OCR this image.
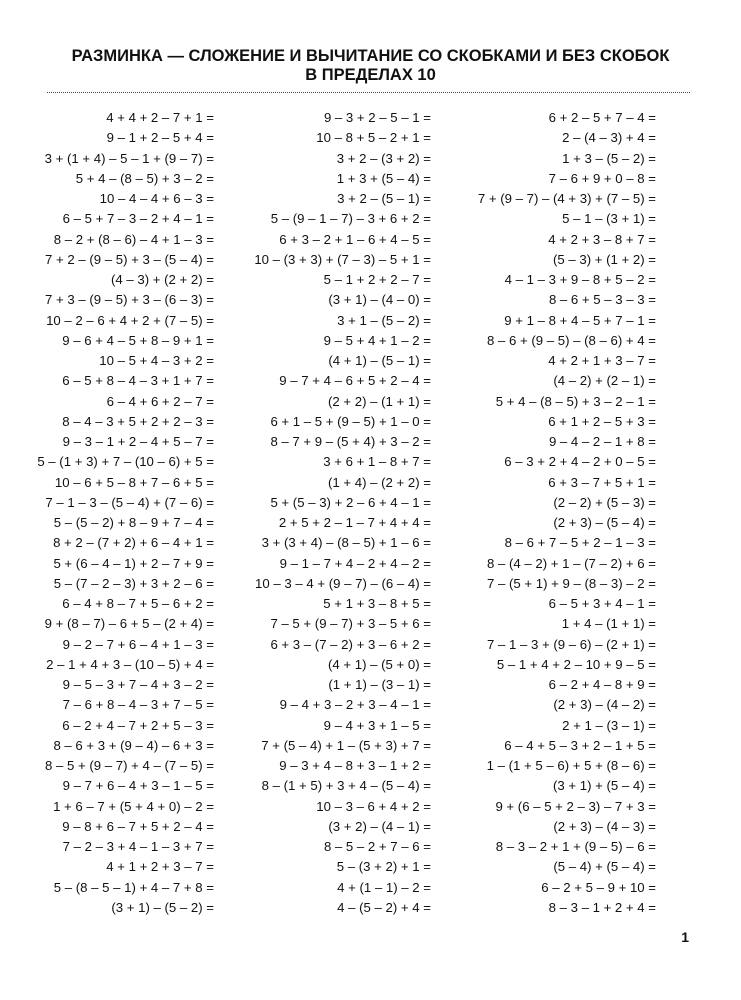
РАЗМИНКА — СЛОЖЕНИЕ И ВЫЧИТАНИЕ СО СКОБКАМИ И БЕЗ СКОБОК
В ПРЕДЕЛАХ 10
4 + 4 + 2 – 7 + 1 =
9 – 1 + 2 – 5 + 4 =
3 + (1 + 4) – 5 – 1 + (9 – 7) =
5 + 4 – (8 – 5) + 3 – 2 =
10 – 4 – 4 + 6 – 3 =
6 – 5 + 7 – 3 – 2 + 4 – 1 =
8 – 2 + (8 – 6) – 4 + 1 – 3 =
7 + 2 – (9 – 5) + 3 – (5 – 4) =
(4 – 3) + (2 + 2) =
7 + 3 – (9 – 5) + 3 – (6 – 3) =
10 – 2 – 6 + 4 + 2 + (7 – 5) =
9 – 6 + 4 – 5 + 8 – 9 + 1 =
10 – 5 + 4 – 3 + 2 =
6 – 5 + 8 – 4 – 3 + 1 + 7 =
6 – 4 + 6 + 2 – 7 =
8 – 4 – 3 + 5 + 2 + 2 – 3 =
9 – 3 – 1 + 2 – 4 + 5 – 7 =
5 – (1 + 3) + 7 – (10 – 6) + 5 =
10 – 6 + 5 – 8 + 7 – 6 + 5 =
7 – 1 – 3 – (5 – 4) + (7 – 6) =
5 – (5 – 2) + 8 – 9 + 7 – 4 =
8 + 2 – (7 + 2) + 6 – 4 + 1 =
5 + (6 – 4 – 1) + 2 – 7 + 9 =
5 – (7 – 2 – 3) + 3 + 2 – 6 =
6 – 4 + 8 – 7 + 5 – 6 + 2 =
9 + (8 – 7) – 6 + 5 – (2 + 4) =
9 – 2 – 7 + 6 – 4 + 1 – 3 =
2 – 1 + 4 + 3 – (10 – 5) + 4 =
9 – 5 – 3 + 7 – 4 + 3 – 2 =
7 – 6 + 8 – 4 – 3 + 7 – 5 =
6 – 2 + 4 – 7 + 2 + 5 – 3 =
8 – 6 + 3 + (9 – 4) – 6 + 3 =
8 – 5 + (9 – 7) + 4 – (7 – 5) =
9 – 7 + 6 – 4 + 3 – 1 – 5 =
1 + 6 – 7 + (5 + 4 + 0) – 2 =
9 – 8 + 6 – 7 + 5 + 2 – 4 =
7 – 2 – 3 + 4 – 1 – 3 + 7 =
4 + 1 + 2 + 3 – 7 =
5 – (8 – 5 – 1) + 4 – 7 + 8 =
(3 + 1) – (5 – 2) =
9 – 3 + 2 – 5 – 1 =
10 – 8 + 5 – 2 + 1 =
3 + 2 – (3 + 2) =
1 + 3 + (5 – 4) =
3 + 2 – (5 – 1) =
5 – (9 – 1 – 7) – 3 + 6 + 2 =
6 + 3 – 2 + 1 – 6 + 4 – 5 =
10 – (3 + 3) + (7 – 3) – 5 + 1 =
5 – 1 + 2 + 2 – 7 =
(3 + 1) – (4 – 0) =
3 + 1 – (5 – 2) =
9 – 5 + 4 + 1 – 2 =
(4 + 1) – (5 – 1) =
9 – 7 + 4 – 6 + 5 + 2 – 4 =
(2 + 2) – (1 + 1) =
6 + 1 – 5 + (9 – 5) + 1 – 0 =
8 – 7 + 9 – (5 + 4) + 3 – 2 =
3 + 6 + 1 – 8 + 7 =
(1 + 4) – (2 + 2) =
5 + (5 – 3) + 2 – 6 + 4 – 1 =
2 + 5 + 2 – 1 – 7 + 4 + 4 =
3 + (3 + 4) – (8 – 5) + 1 – 6 =
9 – 1 – 7 + 4 – 2 + 4 – 2 =
10 – 3 – 4 + (9 – 7) – (6 – 4) =
5 + 1 + 3 – 8 + 5 =
7 – 5 + (9 – 7) + 3 – 5 + 6 =
6 + 3 – (7 – 2) + 3 – 6 + 2 =
(4 + 1) – (5 + 0) =
(1 + 1) – (3 – 1) =
9 – 4 + 3 – 2 + 3 – 4 – 1 =
9 – 4 + 3 + 1 – 5 =
7 + (5 – 4) + 1 – (5 + 3) + 7 =
9 – 3 + 4 – 8 + 3 – 1 + 2 =
8 – (1 + 5) + 3 + 4 – (5 – 4) =
10 – 3 – 6 + 4 + 2 =
(3 + 2) – (4 – 1) =
8 – 5 – 2 + 7 – 6 =
5 – (3 + 2) + 1 =
4 + (1 – 1) – 2 =
4 – (5 – 2) + 4 =
6 + 2 – 5 + 7 – 4 =
2 – (4 – 3) + 4 =
1 + 3 – (5 – 2) =
7 – 6 + 9 + 0 – 8 =
7 + (9 – 7) – (4 + 3) + (7 – 5) =
5 – 1 – (3 + 1) =
4 + 2 + 3 – 8 + 7 =
(5 – 3) + (1 + 2) =
4 – 1 – 3 + 9 – 8 + 5 – 2 =
8 – 6 + 5 – 3 – 3 =
9 + 1 – 8 + 4 – 5 + 7 – 1 =
8 – 6 + (9 – 5) – (8 – 6) + 4 =
4 + 2 + 1 + 3 – 7 =
(4 – 2) + (2 – 1) =
5 + 4 – (8 – 5) + 3 – 2 – 1 =
6 + 1 + 2 – 5 + 3 =
9 – 4 – 2 – 1 + 8 =
6 – 3 + 2 + 4 – 2 + 0 – 5 =
6 + 3 – 7 + 5 + 1 =
(2 – 2) + (5 – 3) =
(2 + 3) – (5 – 4) =
8 – 6 + 7 – 5 + 2 – 1 – 3 =
8 – (4 – 2) + 1 – (7 – 2) + 6 =
7 – (5 + 1) + 9 – (8 – 3) – 2 =
6 – 5 + 3 + 4 – 1 =
1 + 4 – (1 + 1) =
7 – 1 – 3 + (9 – 6) – (2 + 1) =
5 – 1 + 4 + 2 – 10 + 9 – 5 =
6 – 2 + 4 – 8 + 9 =
(2 + 3) – (4 – 2) =
2 + 1 – (3 – 1) =
6 – 4 + 5 – 3 + 2 – 1 + 5 =
1 – (1 + 5 – 6) + 5 + (8 – 6) =
(3 + 1) + (5 – 4) =
9 + (6 – 5 + 2 – 3) – 7 + 3 =
(2 + 3) – (4 – 3) =
8 – 3 – 2 + 1 + (9 – 5) – 6 =
(5 – 4) + (5 – 4) =
6 – 2 + 5 – 9 + 10 =
8 – 3 – 1 + 2 + 4 =
1
